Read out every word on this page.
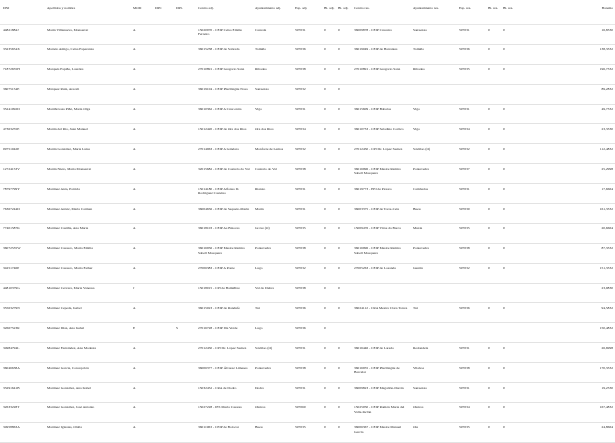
DNI	Apellidos y nombre	MOD	DPC	DPL	Centro adj.	Ayuntamiento adj.	Esp. adj.	Bl. adj.	Bl. adj.	Centro res.	Ayuntamiento res.	Esp. res.	Bl. res.	Bl. res.	Baremo
44821884J	Marín Villanueva, Monserrat	A			15020970 - CEIP Celso Emilio Ferreiro	Carreda	597031	0	0	36009878 - CEIP Cruceiro	Sanxenxo	597031	0	0	16,8330
33235654X	Martelo Amigo, Celsa Esperanza	A			36015238 - CEIP de Sobrada	Tomiño	597036	0	0	36019049 - CEIP de Barrantes	Tomiño	597036	0	0	138,3332
71872655H	Marquès Espiña, Lourdes	A			27010891 - CEIP Gregorio Sanz	Ribadeo	597038	0	0	27010891 - CEIP Gregorio Sanz	Ribadeo	597035	0	0	196,7332
36075154E	Márquez Ruiz, Araceli	A			36019104 - CEIP Plurilingüe Nosa	Sanxenxo	597032	0	0						89,2832
35241092D	Martiñovaas Piñó, María Olga	A			36010362 - CEIP A Cruz entra	Vigo	597031	0	0	36015609 - CEIP Babalos	Vigo	597031	0	0	49,7332
47363255E	Martín del Río, Juan Manuel	A			15012420 - CEIP de Ora dos Ríos	Ora dos Ríos	597034	0	0	36010733 - CEIP Saladino Cortizo	Vigo	597034	0	0	23,3330
09751042P	Martín González, María Luisa	A			27014963 - CEIP A Gándara	Monforte de Lemos	597032	0	0	27012450 - CPI Dr. López Suárez	Saviñao (O)	597032	0	0	112,4832
12724153V	Martín Nieto, María Monserrat	A			32015682 - CEIP de Castrelo do Val	Castrelo do Val	597038	0	0	36016996 - CEIP Mestre Ramiro Sabell Mosquera	Pontevedra	597037	0	0	25,2998
78797799Y	Martínez Anta, Patricia	A			15014180 - CEIP Alfonso D. Rodríguez Castelao	Rianxo	597031	0	0	36019773 - EEI de Paxaro	Cambados	597031	0	0	17,6664
76367244D	Martínez Arruíz, María Carmen	A			36004656 - CEIP de Sequelo-Marín	Marín	597031	0	0	36003375 - CEIP de Torre-Cela	Bueu	597030	0	0	161,3332
77401587K	Martínez Castiña, Ana María	A			36018103 - CEIP As Bizocas	Grove (O)	597035	0	0	15009476 - CEIP Virxe da Barca	Muxía	597035	0	0	20,6664
36072535W	Martínez Casasco, María Emilia	A			36016956 - CEIP Mestre Ramiro Sabell Mosquera	Pontevedra	597038	0	0	36016996 - CEIP Mestre Ramiro Sabell Mosquera	Pontevedra	597038	0	0	87,3332
34251746P	Martínez Casasco, María Esther	A			27006383 - CEIP A Ponte	Lugo	597032	0	0	27005263 - CEIP de Losanda	Guntín	597032	0	0	151,3332
44810379G	Martínez Cervera, María Vanessa	J			15018015 - CPI de Bamiñbre	Val do Dubra	597038	0	0						23,9830
35563279N	Martínez Cepeda, Isabel	A			36015023 - CEIP de Randufe	Tui	597036	0	0	36024112 - CRA Mestra Clara Torres	Tui	597036	0	0	94,5832
32667523R	Martínez Díaz, Ana Isabel	E		S	27016728 - CEIP Illa Verde	Lugo	597036	0							150,4832
34984794L	Martínez Fernández, Ana Modesta	A			27012450 - CPI Dr. López Suárez	Saviñao (O)	597031	0	0	36016446 - CEIP de Laredo	Redondela	597031	0	0	26,6998
36046638A	Martínez García, Concepción	A			36006377 - CEIP Álvarez Limeses	Pontevedra	597038	0	0	36016955 - CEIP Plurilingüe de Barcelar	Vilaboa	597038	0	0	170,3332
33291641B	Martínez González, Ana Isabel	A			15032452 - CRA de Dodro	Dodro	597031	0	0	36009823 - CEIP Magallón-Darrin	Sanxenxo	597031	0	0	19,2330
32633228T	Martínez González, José Antonio	A			15027228 - IES María Casares	Oleiros	597060	0	0	15025050 - CEIP Ramón María del Valle-Inclán	Oleiros	597034	0	0	167,4832
34958863A	Martínez Iglesias, Olalla	A			36011963 - CEIP de Bolocar	Bueu	597035	0	0	36006367 - CEIP Mestre Manuel García	Oia	597035	0	0	24,8664
